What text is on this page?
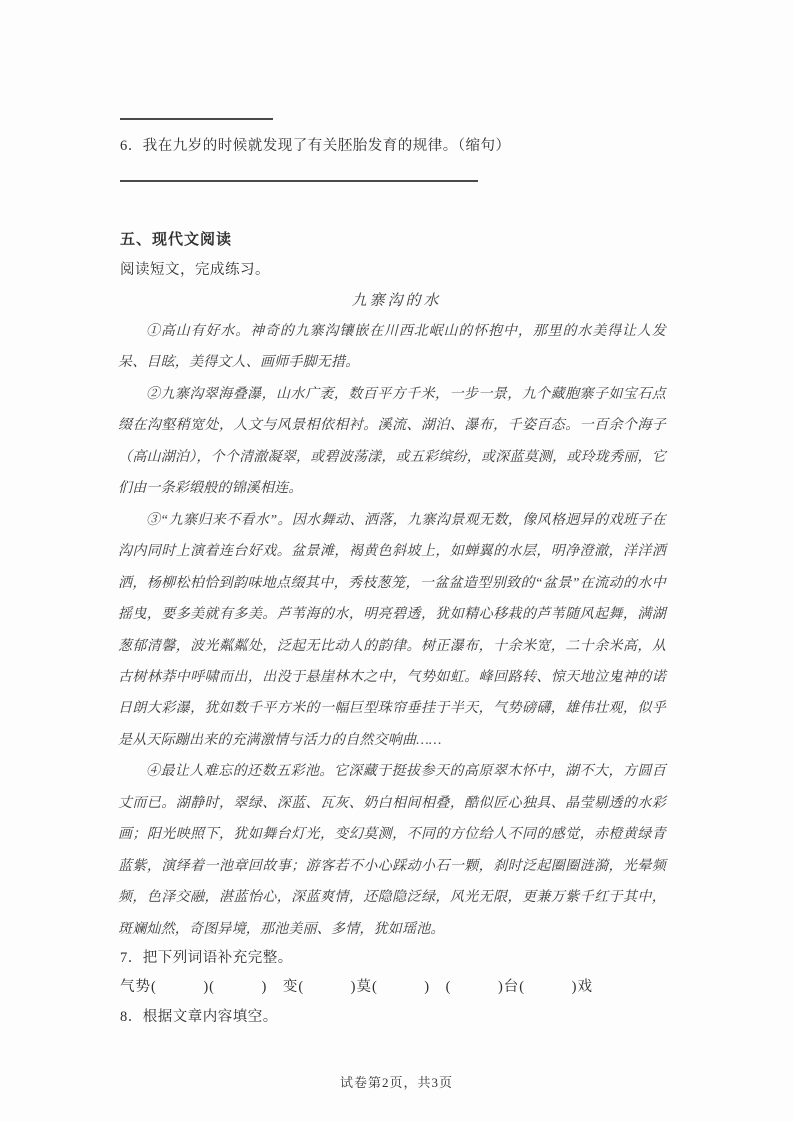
6．我在九岁的时候就发现了有关胚胎发育的规律。（缩句）
五、现代文阅读
阅读短文，完成练习。
九寨沟的水

①高山有好水。神奇的九寨沟镶嵌在川西北岷山的怀抱中，那里的水美得让人发呆、目眩，美得文人、画师手脚无措。

②九寨沟翠海叠瀑，山水广袤，数百平方千米，一步一景，九个藏胞寨子如宝石点缀在沟壑稍宽处，人文与风景相依相衬。溪流、湖泊、瀑布，千姿百态。一百余个海子（高山湖泊），个个清澈凝翠，或碧波荡漾，或五彩缤纷，或深蓝莫测，或玲珑秀丽，它们由一条彩缎般的锦溪相连。

③“九寨归来不看水”。因水舞动、洒落，九寨沟景观无数，像风格迥异的戏班子在沟内同时上演着连台好戏。盆景滩，褐黄色斜坡上，如蝉翼的水层，明净澄澈，洋洋洒洒，杨柳松柏恰到韵味地点缀其中，秀枝葱笼，一盆盆造型别致的“盆景”在流动的水中摇曳，要多美就有多美。芦苇海的水，明亮碧透，犹如精心移栽的芦苇随风起舞，满湖葱郁清馨，波光粼粼处，泛起无比动人的韵律。树正瀑布，十余米宽，二十余米高，从古树林莽中呼啸而出，出没于悬崖林木之中，气势如虹。峰回路转、惊天地泣鬼神的诺日朗大彩瀑，犹如数千平方米的一幅巨型珠帘垂挂于半天，气势磅礴，雄伟壮观，似乎是从天际蹦出来的充满激情与活力的自然交响曲……

④最让人难忘的还数五彩池。它深藏于挺拔参天的高原翠木怀中，湖不大，方圆百丈而已。湖静时，翠绿、深蓝、瓦灰、奶白相间相叠，酷似匠心独具、晶莹剔透的水彩画；阳光映照下，犹如舞台灯光，变幻莫测，不同的方位给人不同的感觉，赤橙黄绿青蓝紫，演绎着一池章回故事；游客若不小心踩动小石一颗，刹时泛起圈圈涟漪，光晕频频，色泽交融，湛蓝怡心，深蓝爽情，还隐隐泛绿，风光无限，更兼万紫千红于其中，斑斓灿然，奇图异境，那池美丽、多情，犹如瑶池。

7．把下列词语补充完整。
气势(　　　)(　　　)　变(　　　)莫(　　　)　(　　　)台(　　　)戏
8．根据文章内容填空。
试卷第2页，共3页
